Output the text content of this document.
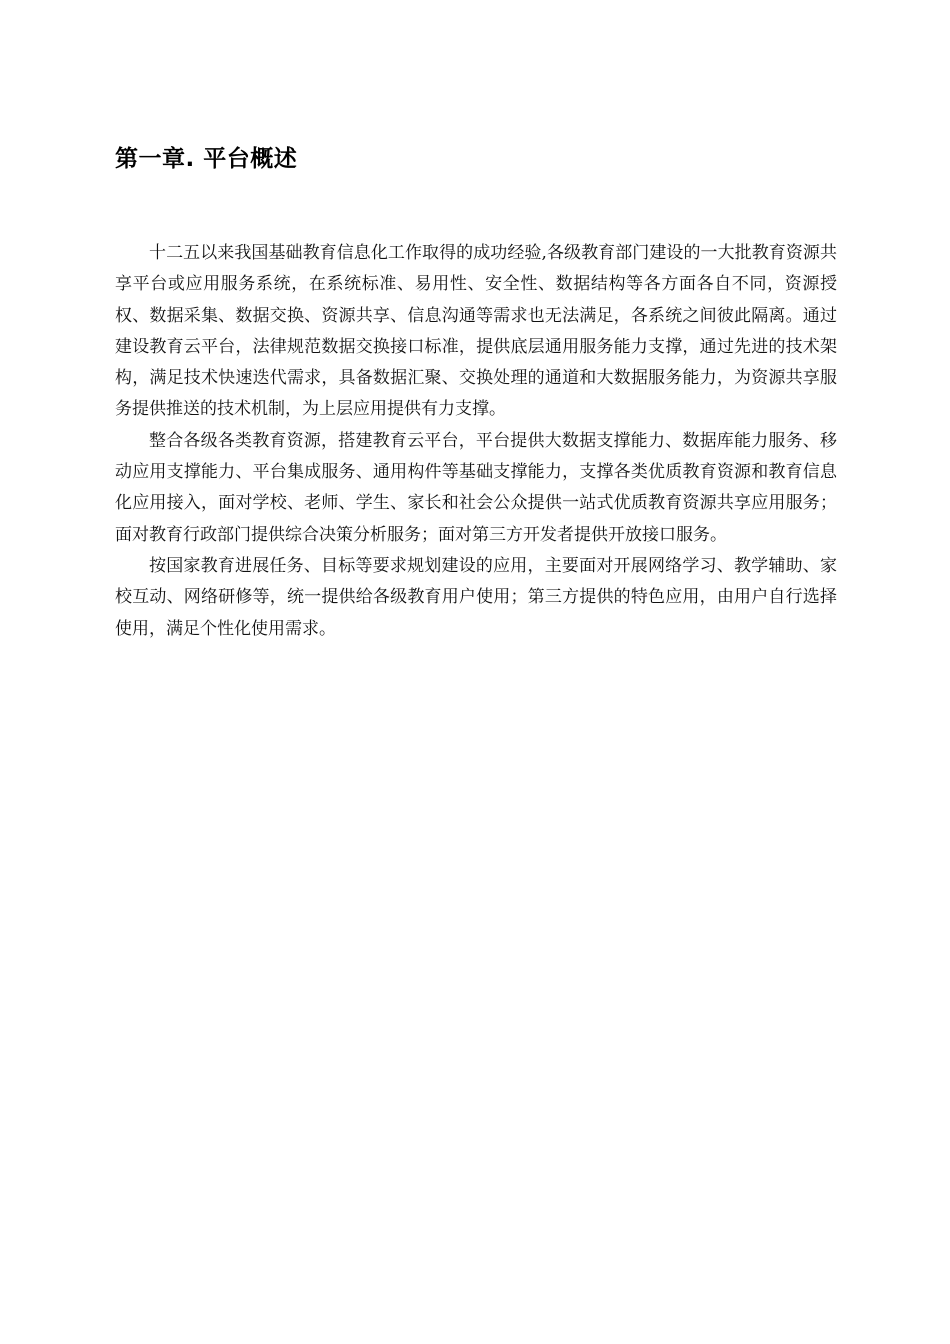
第一章. 平台概述

十二五以来我国基础教育信息化工作取得的成功经验,各级教育部门建设的一大批教育资源共享平台或应用服务系统，在系统标准、易用性、安全性、数据结构等各方面各自不同，资源授权、数据采集、数据交换、资源共享、信息沟通等需求也无法满足，各系统之间彼此隔离。通过建设教育云平台，法律规范数据交换接口标准，提供底层通用服务能力支撑，通过先进的技术架构，满足技术快速迭代需求，具备数据汇聚、交换处理的通道和大数据服务能力，为资源共享服务提供推送的技术机制，为上层应用提供有力支撑。

整合各级各类教育资源，搭建教育云平台，平台提供大数据支撑能力、数据库能力服务、移动应用支撑能力、平台集成服务、通用构件等基础支撑能力，支撑各类优质教育资源和教育信息化应用接入，面对学校、老师、学生、家长和社会公众提供一站式优质教育资源共享应用服务；面对教育行政部门提供综合决策分析服务；面对第三方开发者提供开放接口服务。

按国家教育进展任务、目标等要求规划建设的应用，主要面对开展网络学习、教学辅助、家校互动、网络研修等，统一提供给各级教育用户使用；第三方提供的特色应用，由用户自行选择使用，满足个性化使用需求。
